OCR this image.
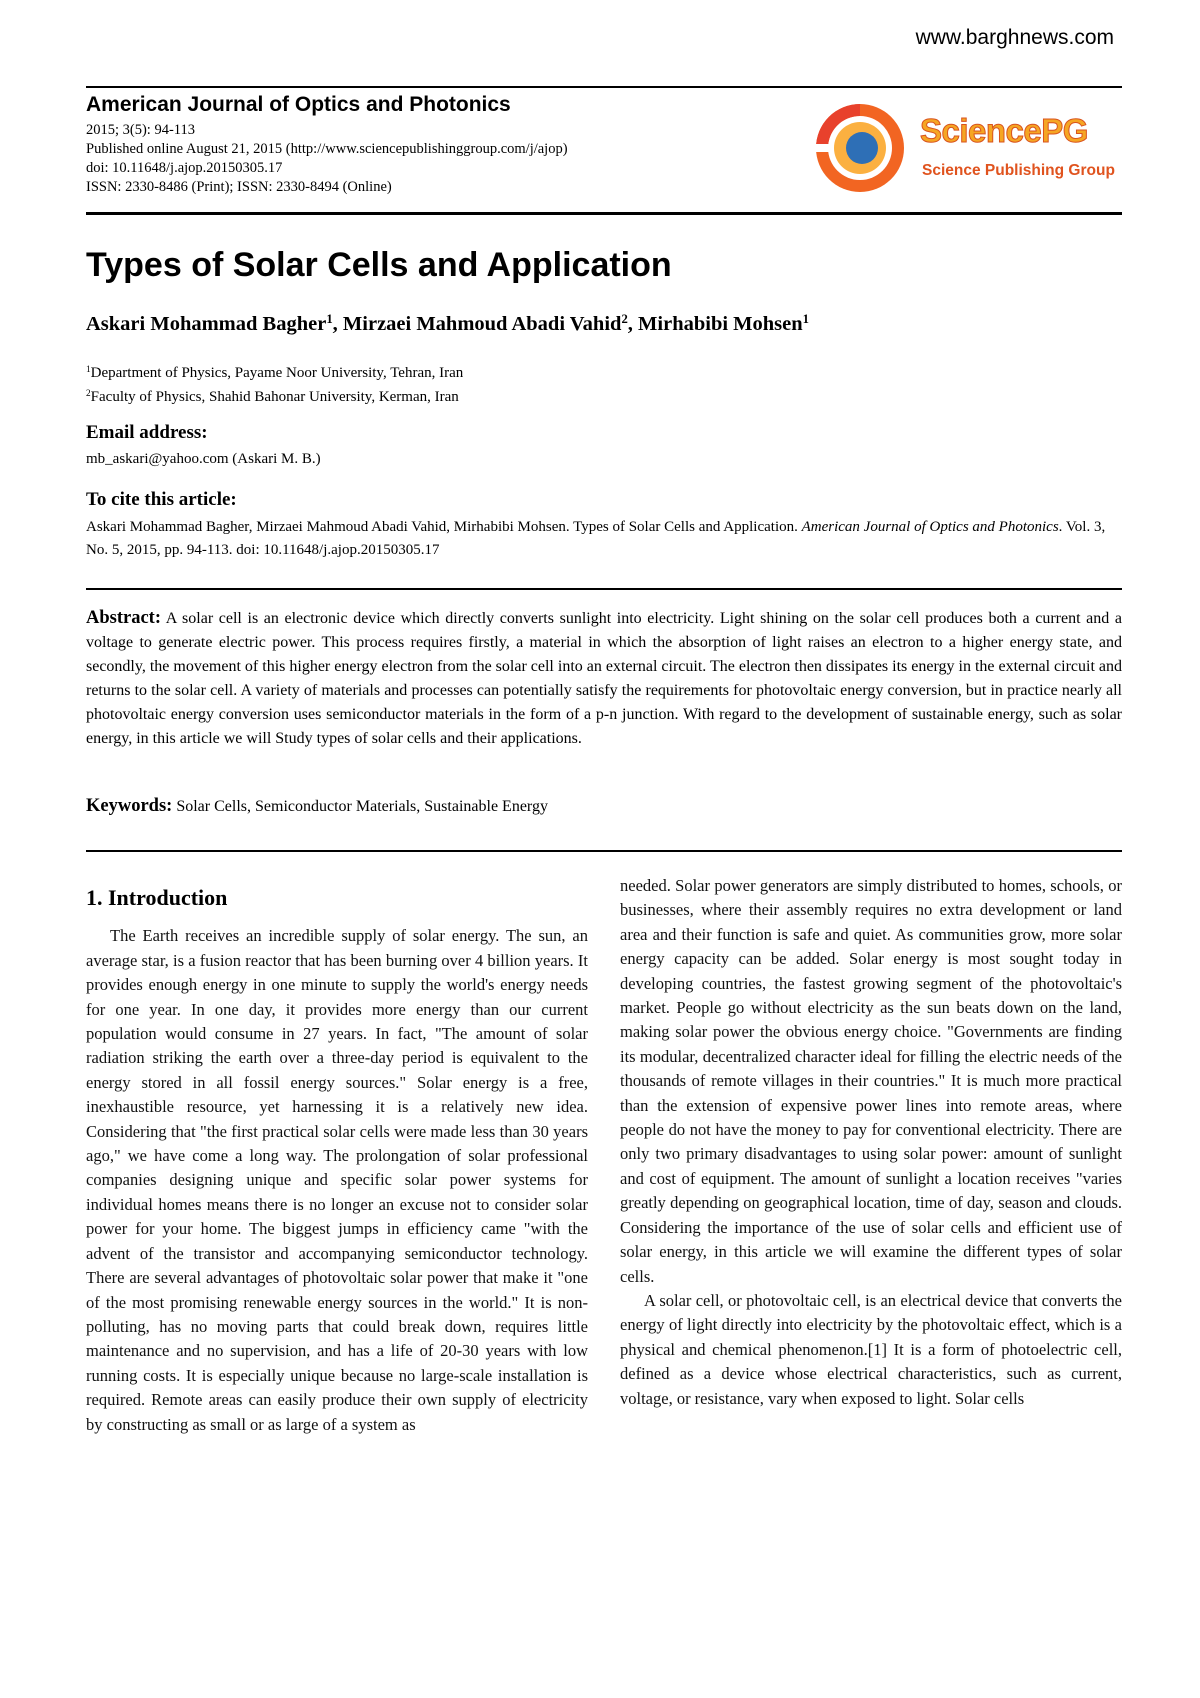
www.barghnews.com
American Journal of Optics and Photonics
2015; 3(5): 94-113
Published online August 21, 2015 (http://www.sciencepublishinggroup.com/j/ajop)
doi: 10.11648/j.ajop.20150305.17
ISSN: 2330-8486 (Print); ISSN: 2330-8494 (Online)
SciencePG
Science Publishing Group
Types of Solar Cells and Application
Askari Mohammad Bagher$^1$, Mirzaei Mahmoud Abadi Vahid$^2$, Mirhabibi Mohsen$^1$
$^1$Department of Physics, Payame Noor University, Tehran, Iran
$^2$Faculty of Physics, Shahid Bahonar University, Kerman, Iran
Email address:
mb_askari@yahoo.com (Askari M. B.)
To cite this article:
Askari Mohammad Bagher, Mirzaei Mahmoud Abadi Vahid, Mirhabibi Mohsen. Types of Solar Cells and Application. American Journal of Optics and Photonics. Vol. 3, No. 5, 2015, pp. 94-113. doi: 10.11648/j.ajop.20150305.17

Abstract: A solar cell is an electronic device which directly converts sunlight into electricity. Light shining on the solar cell produces both a current and a voltage to generate electric power. This process requires firstly, a material in which the absorption of light raises an electron to a higher energy state, and secondly, the movement of this higher energy electron from the solar cell into an external circuit. The electron then dissipates its energy in the external circuit and returns to the solar cell. A variety of materials and processes can potentially satisfy the requirements for photovoltaic energy conversion, but in practice nearly all photovoltaic energy conversion uses semiconductor materials in the form of a p-n junction. With regard to the development of sustainable energy, such as solar energy, in this article we will Study types of solar cells and their applications.

Keywords: Solar Cells, Semiconductor Materials, Sustainable Energy
1. Introduction

The Earth receives an incredible supply of solar energy. The sun, an average star, is a fusion reactor that has been burning over 4 billion years. It provides enough energy in one minute to supply the world's energy needs for one year. In one day, it provides more energy than our current population would consume in 27 years. In fact, "The amount of solar radiation striking the earth over a three-day period is equivalent to the energy stored in all fossil energy sources." Solar energy is a free, inexhaustible resource, yet harnessing it is a relatively new idea. Considering that "the first practical solar cells were made less than 30 years ago," we have come a long way. The prolongation of solar professional companies designing unique and specific solar power systems for individual homes means there is no longer an excuse not to consider solar power for your home. The biggest jumps in efficiency came "with the advent of the transistor and accompanying semiconductor technology. There are several advantages of photovoltaic solar power that make it "one of the most promising renewable energy sources in the world." It is non-polluting, has no moving parts that could break down, requires little maintenance and no supervision, and has a life of 20-30 years with low running costs. It is especially unique because no large-scale installation is required. Remote areas can easily produce their own supply of electricity by constructing as small or as large of a system as

needed. Solar power generators are simply distributed to homes, schools, or businesses, where their assembly requires no extra development or land area and their function is safe and quiet. As communities grow, more solar energy capacity can be added. Solar energy is most sought today in developing countries, the fastest growing segment of the photovoltaic's market. People go without electricity as the sun beats down on the land, making solar power the obvious energy choice. "Governments are finding its modular, decentralized character ideal for filling the electric needs of the thousands of remote villages in their countries." It is much more practical than the extension of expensive power lines into remote areas, where people do not have the money to pay for conventional electricity. There are only two primary disadvantages to using solar power: amount of sunlight and cost of equipment. The amount of sunlight a location receives "varies greatly depending on geographical location, time of day, season and clouds. Considering the importance of the use of solar cells and efficient use of solar energy, in this article we will examine the different types of solar cells.

A solar cell, or photovoltaic cell, is an electrical device that converts the energy of light directly into electricity by the photovoltaic effect, which is a physical and chemical phenomenon.[1] It is a form of photoelectric cell, defined as a device whose electrical characteristics, such as current, voltage, or resistance, vary when exposed to light. Solar cells
